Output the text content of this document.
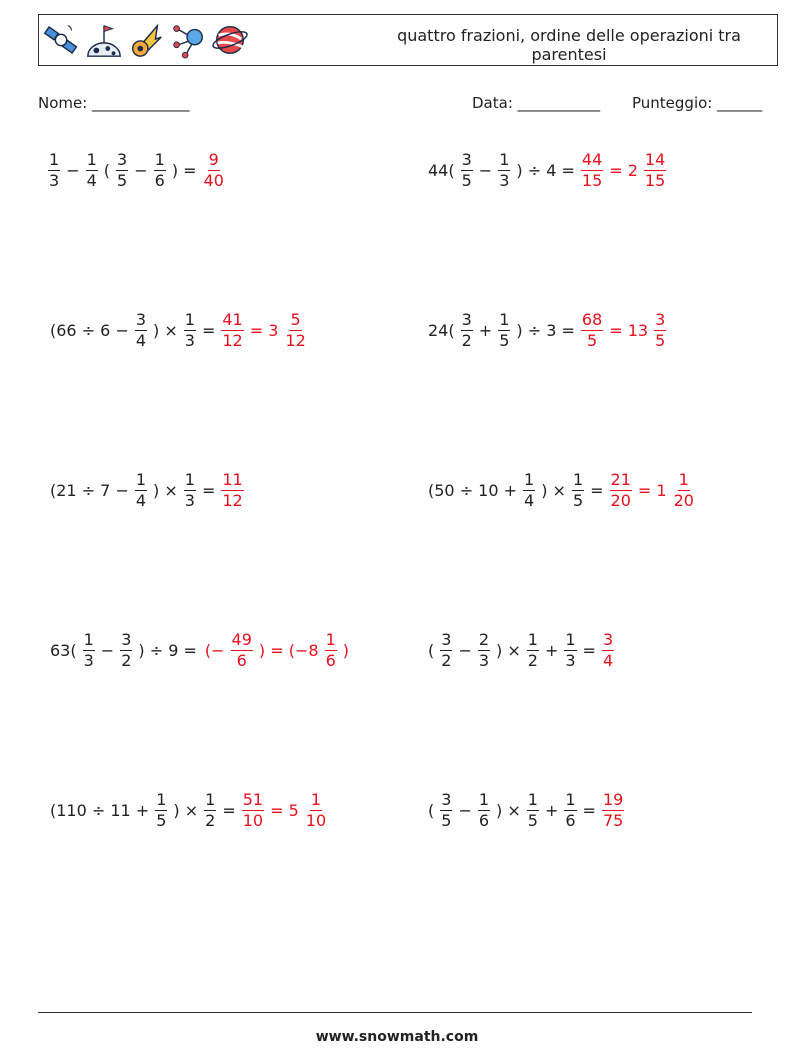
quattro frazioni, ordine delle operazioni tra parentesi
Nome: _____________	Data: ___________ Punteggio: ______
$\frac{1}{3} - \frac{1}{4}$ ( $\frac{3}{5} - \frac{1}{6}$ ) = $\frac{9}{40}$	$44( \frac{3}{5} - \frac{1}{3}$ ) ÷ $4 = \frac{44}{15} = 2 \frac{14}{15}$
($66 \div 6 - \frac{3}{4}$ ) × $\frac{1}{3} = \frac{41}{12} = 3 \frac{5}{12}$	$24( \frac{3}{2} + \frac{1}{5}$ ) ÷ $3 = \frac{68}{5} = 13 \frac{3}{5}$
($21 \div 7 - \frac{1}{4}$ ) × $\frac{1}{3} = \frac{11}{12}$	($50 \div 10 + \frac{1}{4}$ ) × $\frac{1}{5} = \frac{21}{20} = 1 \frac{1}{20}$
$63( \frac{1}{3} - \frac{3}{2}$ ) ÷ 9 = (− $\frac{49}{6}$ ) = ($-8 \frac{1}{6}$ )	( $\frac{3}{2} - \frac{2}{3}$ ) × $\frac{1}{2} + \frac{1}{3} = \frac{3}{4}$
($110 \div 11 + \frac{1}{5}$ ) × $\frac{1}{2} = \frac{51}{10} = 5 \frac{1}{10}$	( $\frac{3}{5} - \frac{1}{6}$ ) × $\frac{1}{5} + \frac{1}{6} = \frac{19}{75}$
www.snowmath.com
